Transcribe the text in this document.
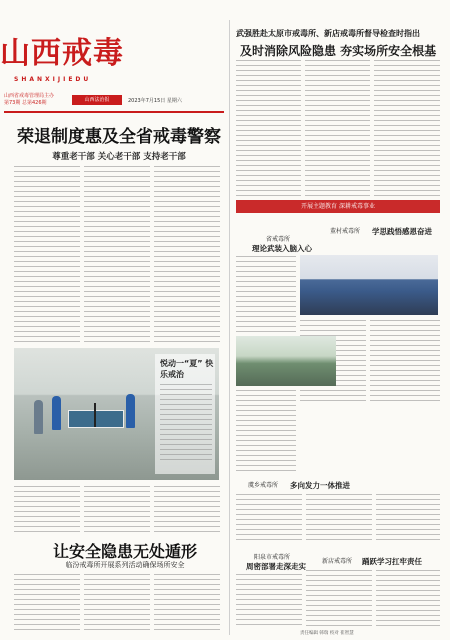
山西戒毒
SHANXIJIEDU
山西省戒毒管理局主办
第73期 总第426期	山西法治报	2023年7月15日 星期六
武强胜赴太原市戒毒所、新店戒毒所督导检查时指出
及时消除风险隐患 夯实场所安全根基
荣退制度惠及全省戒毒警察
尊重老干部 关心老干部 支持老干部
悦动一“夏” 快乐戒治
让安全隐患无处遁形
临汾戒毒所开展系列活动确保场所安全
开展主题教育 深耕戒毒事业
省戒毒所
理论武装入脑入心
董村戒毒所 学思践悟感恩奋进
虞乡戒毒所 多向发力一体推进
阳泉市戒毒所
周密部署走深走实
新店戒毒所 踊跃学习扛牢责任
责任编辑 韩瑞 校对 崔智慧
